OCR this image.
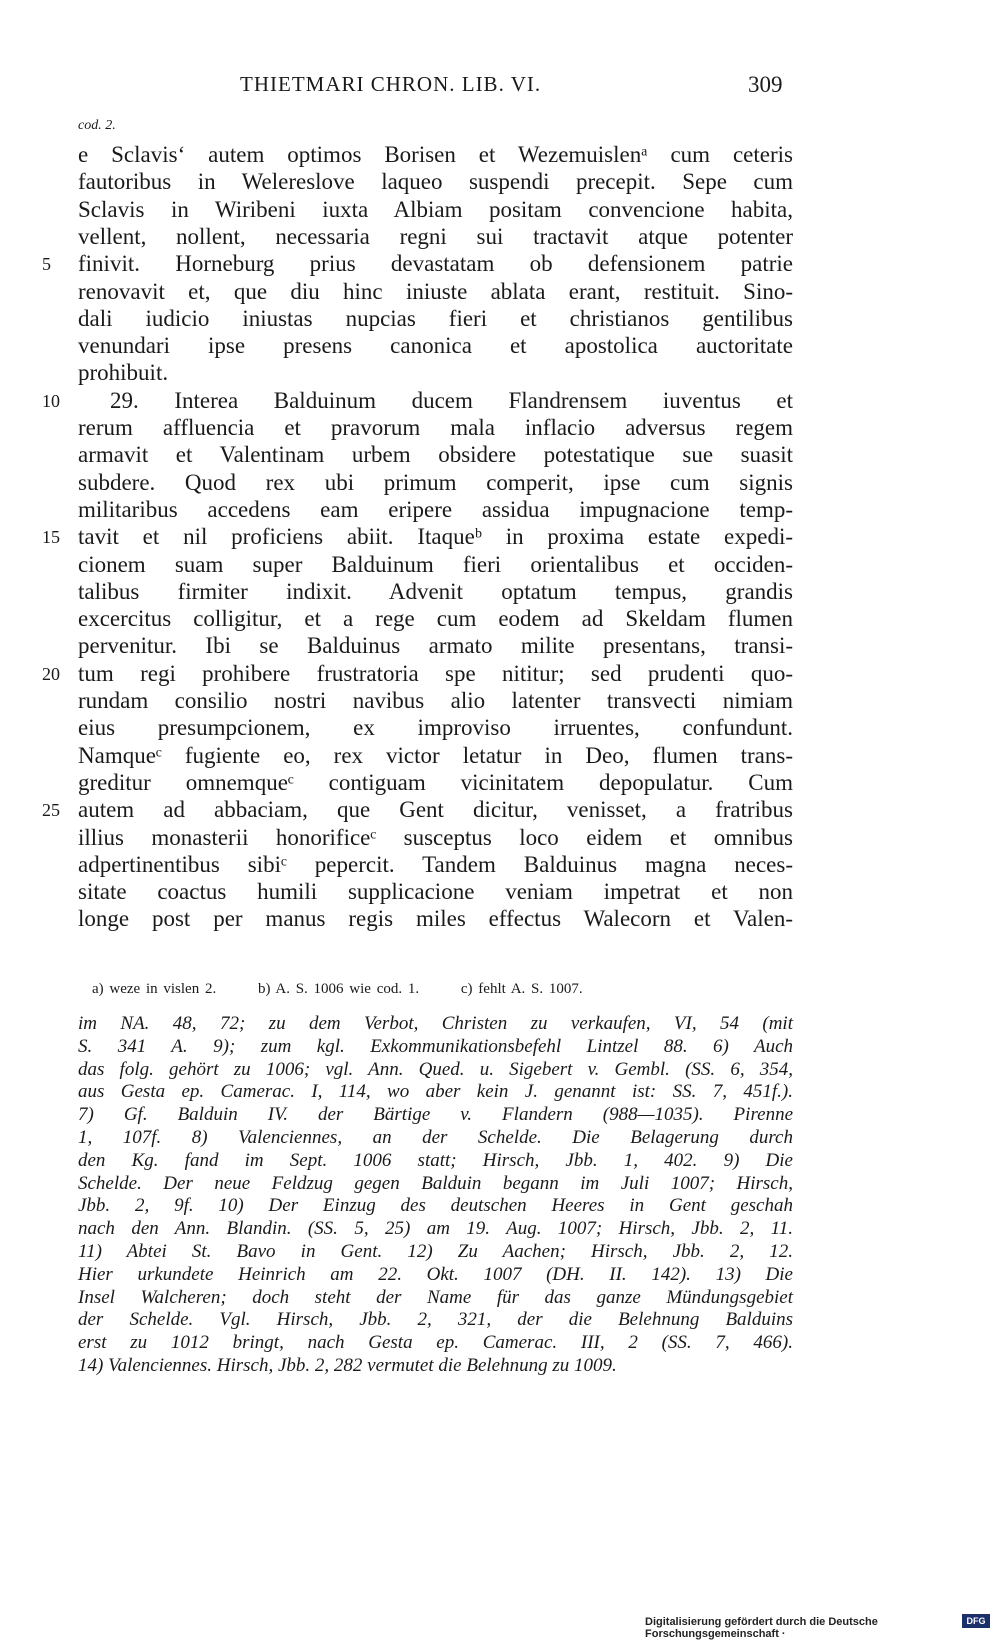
THIETMARI CHRON. LIB. VI.	309
cod. 2.
e Sclavisʻ autem optimos Borisen et Wezemuislenᵃ cum ceteris
fautoribus in Welereslove laqueo suspendi precepit. Sepe cum
Sclavis in Wiribeni iuxta Albiam positam convencione habita,
vellent, nollent, necessaria regni sui tractavit atque potenter
5	finivit. Horneburg prius devastatam ob defensionem patrie
renovavit et, que diu hinc iniuste ablata erant, restituit. Sino-
dali iudicio iniustas nupcias fieri et christianos gentilibus
venundari ipse presens canonica et apostolica auctoritate
prohibuit.
10	29. Interea Balduinum ducem Flandrensem iuventus et
rerum affluencia et pravorum mala inflacio adversus regem
armavit et Valentinam urbem obsidere potestatique sue suasit
subdere. Quod rex ubi primum comperit, ipse cum signis
militaribus accedens eam eripere assidua impugnacione temp-
15 tavit et nil proficiens abiit. Itaqueᵇ in proxima estate expedi-
cionem suam super Balduinum fieri orientalibus et occiden-
talibus firmiter indixit. Advenit optatum tempus, grandis
excercitus colligitur, et a rege cum eodem ad Skeldam flumen
pervenitur. Ibi se Balduinus armato milite presentans, transi-
20 tum regi prohibere frustratoria spe nititur; sed prudenti quo-
rundam consilio nostri navibus alio latenter transvecti nimiam
eius presumpcionem, ex improviso irruentes, confundunt.
Namqueᶜ fugiente eo, rex victor letatur in Deo, flumen trans-
greditur omnemqueᶜ contiguam vicinitatem depopulatur. Cum
25 autem ad abbaciam, que Gent dicitur, venisset, a fratribus
illius monasterii honorificeᶜ susceptus loco eidem et omnibus
adpertinentibus sibiᶜ pepercit. Tandem Balduinus magna neces-
sitate coactus humili supplicacione veniam impetrat et non
longe post per manus regis miles effectus Walecorn et Valen-
a) weze in vislen 2.	b) A. S. 1006 wie cod. 1.	c) fehlt A. S. 1007.
im NA. 48, 72; zu dem Verbot, Christen zu verkaufen, VI, 54 (mit
S. 341 A. 9); zum kgl. Exkommunikationsbefehl Lintzel 88. 6) Auch
das folg. gehört zu 1006; vgl. Ann. Qued. u. Sigebert v. Gembl. (SS. 6, 354,
aus Gesta ep. Camerac. I, 114, wo aber kein J. genannt ist: SS. 7, 451f.).
7) Gf. Balduin IV. der Bärtige v. Flandern (988—1035). Pirenne
1, 107f. 8) Valenciennes, an der Schelde. Die Belagerung durch
den Kg. fand im Sept. 1006 statt; Hirsch, Jbb. 1, 402. 9) Die
Schelde. Der neue Feldzug gegen Balduin begann im Juli 1007; Hirsch,
Jbb. 2, 9f. 10) Der Einzug des deutschen Heeres in Gent geschah
nach den Ann. Blandin. (SS. 5, 25) am 19. Aug. 1007; Hirsch, Jbb. 2, 11.
11) Abtei St. Bavo in Gent. 12) Zu Aachen; Hirsch, Jbb. 2, 12.
Hier urkundete Heinrich am 22. Okt. 1007 (DH. II. 142). 13) Die
Insel Walcheren; doch steht der Name für das ganze Mündungsgebiet
der Schelde. Vgl. Hirsch, Jbb. 2, 321, der die Belehnung Balduins
erst zu 1012 bringt, nach Gesta ep. Camerac. III, 2 (SS. 7, 466).
14) Valenciennes. Hirsch, Jbb. 2, 282 vermutet die Belehnung zu 1009.
Digitalisierung gefördert durch die Deutsche Forschungsgemeinschaft ·
DFG
